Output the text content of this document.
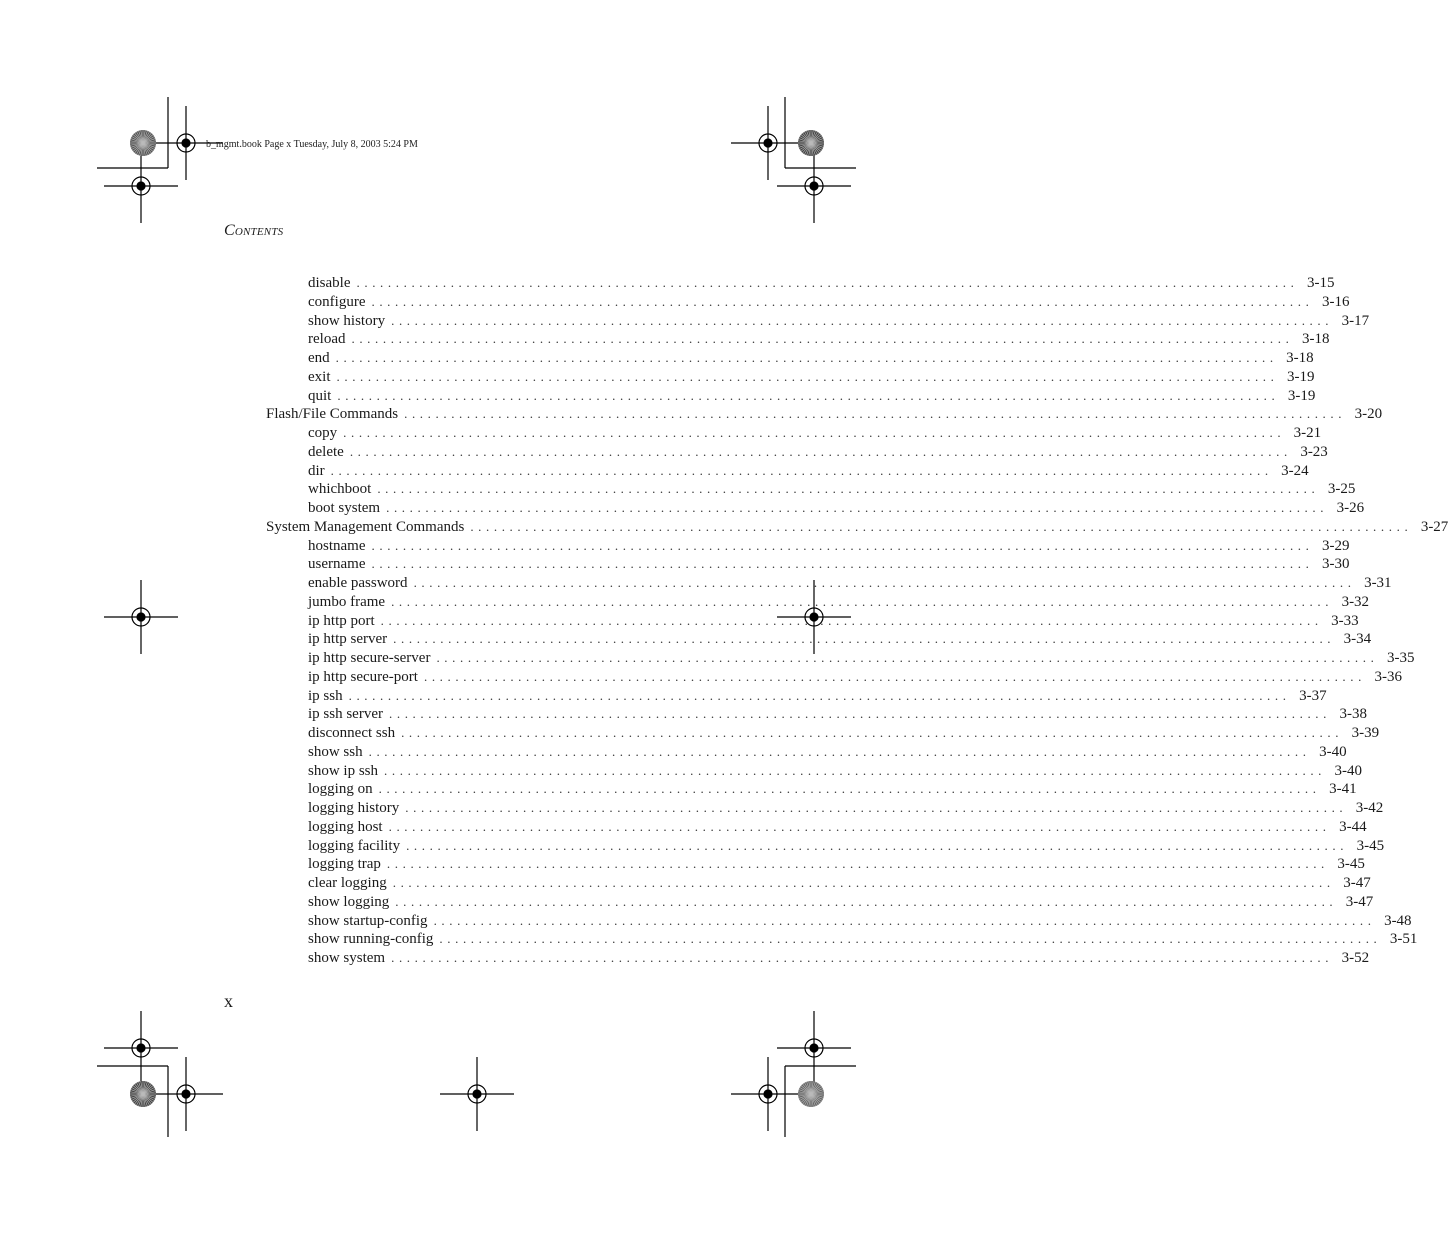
b_mgmt.book Page x Tuesday, July 8, 2003 5:24 PM
Contents
disable ........................................................................................................................ 3-15
configure ........................................................................................................................ 3-16
show history ........................................................................................................................ 3-17
reload ........................................................................................................................ 3-18
end ........................................................................................................................ 3-18
exit ........................................................................................................................ 3-19
quit ........................................................................................................................ 3-19
Flash/File Commands ........................................................................................................................ 3-20
copy ........................................................................................................................ 3-21
delete ........................................................................................................................ 3-23
dir ........................................................................................................................ 3-24
whichboot ........................................................................................................................ 3-25
boot system ........................................................................................................................ 3-26
System Management Commands ........................................................................................................................ 3-27
hostname ........................................................................................................................ 3-29
username ........................................................................................................................ 3-30
enable password ........................................................................................................................ 3-31
jumbo frame ........................................................................................................................ 3-32
ip http port ........................................................................................................................ 3-33
ip http server ........................................................................................................................ 3-34
ip http secure-server ........................................................................................................................ 3-35
ip http secure-port ........................................................................................................................ 3-36
ip ssh ........................................................................................................................ 3-37
ip ssh server ........................................................................................................................ 3-38
disconnect ssh ........................................................................................................................ 3-39
show ssh ........................................................................................................................ 3-40
show ip ssh ........................................................................................................................ 3-40
logging on ........................................................................................................................ 3-41
logging history ........................................................................................................................ 3-42
logging host ........................................................................................................................ 3-44
logging facility ........................................................................................................................ 3-45
logging trap ........................................................................................................................ 3-45
clear logging ........................................................................................................................ 3-47
show logging ........................................................................................................................ 3-47
show startup-config ........................................................................................................................ 3-48
show running-config ........................................................................................................................ 3-51
show system ........................................................................................................................ 3-52
x
